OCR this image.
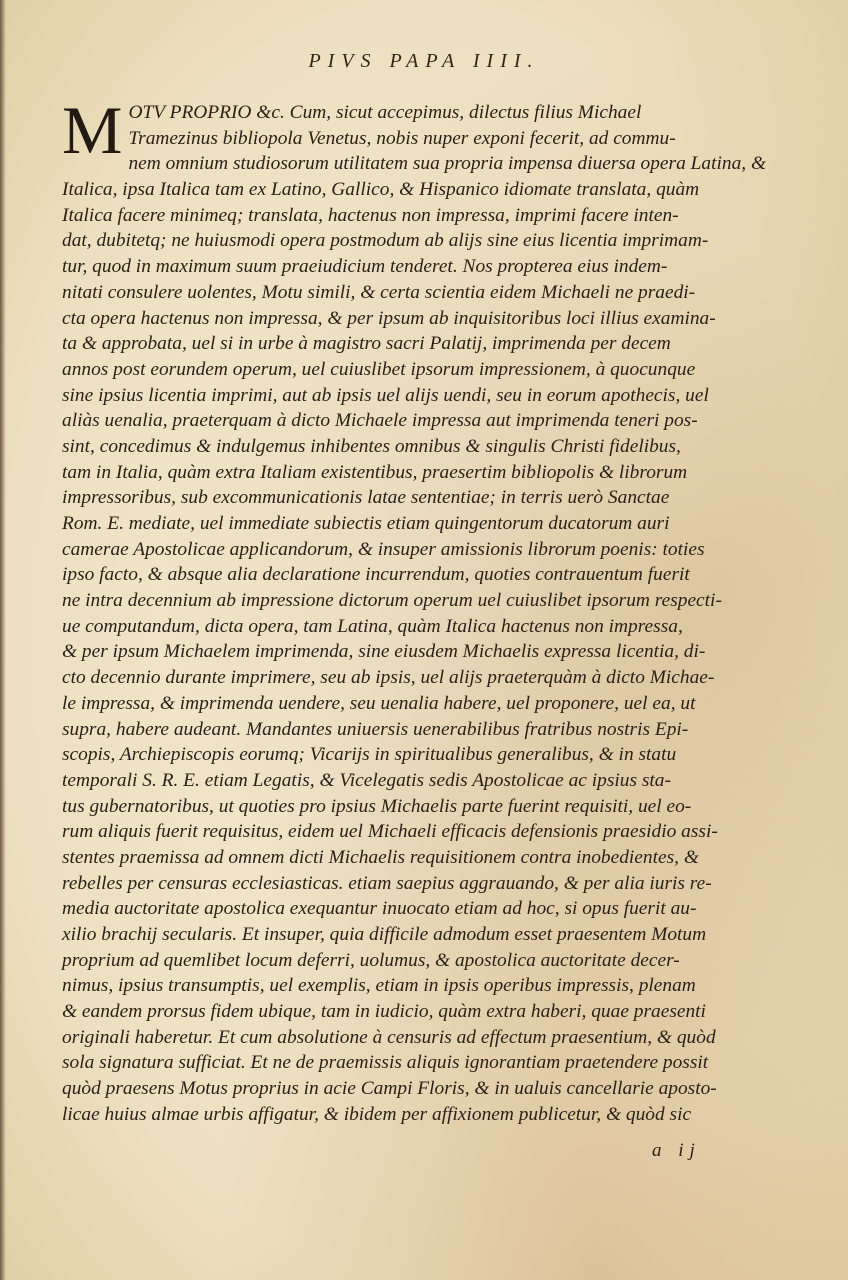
PIVS PAPA IIII.
M OTV PROPRIO &c. Cum, sicut accepimus, dilectus filius Michael
Tramezinus bibliopola Venetus, nobis nuper exponi fecerit, ad commu-
nem omnium studiosorum utilitatem sua propria impensa diuersa opera Latina, &
Italica, ipsa Italica tam ex Latino, Gallico, & Hispanico idiomate translata, quàm
Italica facere minimeq; translata, hactenus non impressa, imprimi facere inten-
dat, dubitetq; ne huiusmodi opera postmodum ab alijs sine eius licentia imprimam-
tur, quod in maximum suum praeiudicium tenderet. Nos propterea eius indem-
nitati consulere uolentes, Motu simili, & certa scientia eidem Michaeli ne praedi-
cta opera hactenus non impressa, & per ipsum ab inquisitoribus loci illius examina-
ta & approbata, uel si in urbe à magistro sacri Palatij, imprimenda per decem
annos post eorundem operum, uel cuiuslibet ipsorum impressionem, à quocunque
sine ipsius licentia imprimi, aut ab ipsis uel alijs uendi, seu in eorum apothecis, uel
aliàs uenalia, praeterquam à dicto Michaele impressa aut imprimenda teneri pos-
sint, concedimus & indulgemus inhibentes omnibus & singulis Christi fidelibus,
tam in Italia, quàm extra Italiam existentibus, praesertim bibliopolis & librorum
impressoribus, sub excommunicationis latae sententiae; in terris uerò Sanctae
Rom. E. mediate, uel immediate subiectis etiam quingentorum ducatorum auri
camerae Apostolicae applicandorum, & insuper amissionis librorum poenis: toties
ipso facto, & absque alia declaratione incurrendum, quoties contrauentum fuerit
ne intra decennium ab impressione dictorum operum uel cuiuslibet ipsorum respecti-
ue computandum, dicta opera, tam Latina, quàm Italica hactenus non impressa,
& per ipsum Michaelem imprimenda, sine eiusdem Michaelis expressa licentia, di-
cto decennio durante imprimere, seu ab ipsis, uel alijs praeterquàm à dicto Michae-
le impressa, & imprimenda uendere, seu uenalia habere, uel proponere, uel ea, ut
supra, habere audeant. Mandantes uniuersis uenerabilibus fratribus nostris Epi-
scopis, Archiepiscopis eorumq; Vicarijs in spiritualibus generalibus, & in statu
temporali S. R. E. etiam Legatis, & Vicelegatis sedis Apostolicae ac ipsius sta-
tus gubernatoribus, ut quoties pro ipsius Michaelis parte fuerint requisiti, uel eo-
rum aliquis fuerit requisitus, eidem uel Michaeli efficacis defensionis praesidio assi-
stentes praemissa ad omnem dicti Michaelis requisitionem contra inobedientes, &
rebelles per censuras ecclesiasticas. etiam saepius aggrauando, & per alia iuris re-
media auctoritate apostolica exequantur inuocato etiam ad hoc, si opus fuerit au-
xilio brachij secularis. Et insuper, quia difficile admodum esset praesentem Motum
proprium ad quemlibet locum deferri, uolumus, & apostolica auctoritate decer-
nimus, ipsius transumptis, uel exemplis, etiam in ipsis operibus impressis, plenam
& eandem prorsus fidem ubique, tam in iudicio, quàm extra haberi, quae praesenti
originali haberetur. Et cum absolutione à censuris ad effectum praesentium, & quòd
sola signatura sufficiat. Et ne de praemissis aliquis ignorantiam praetendere possit
quòd praesens Motus proprius in acie Campi Floris, & in ualuis cancellarie aposto-
licae huius almae urbis affigatur, & ibidem per affixionem publicetur, & quòd sic
a ij
